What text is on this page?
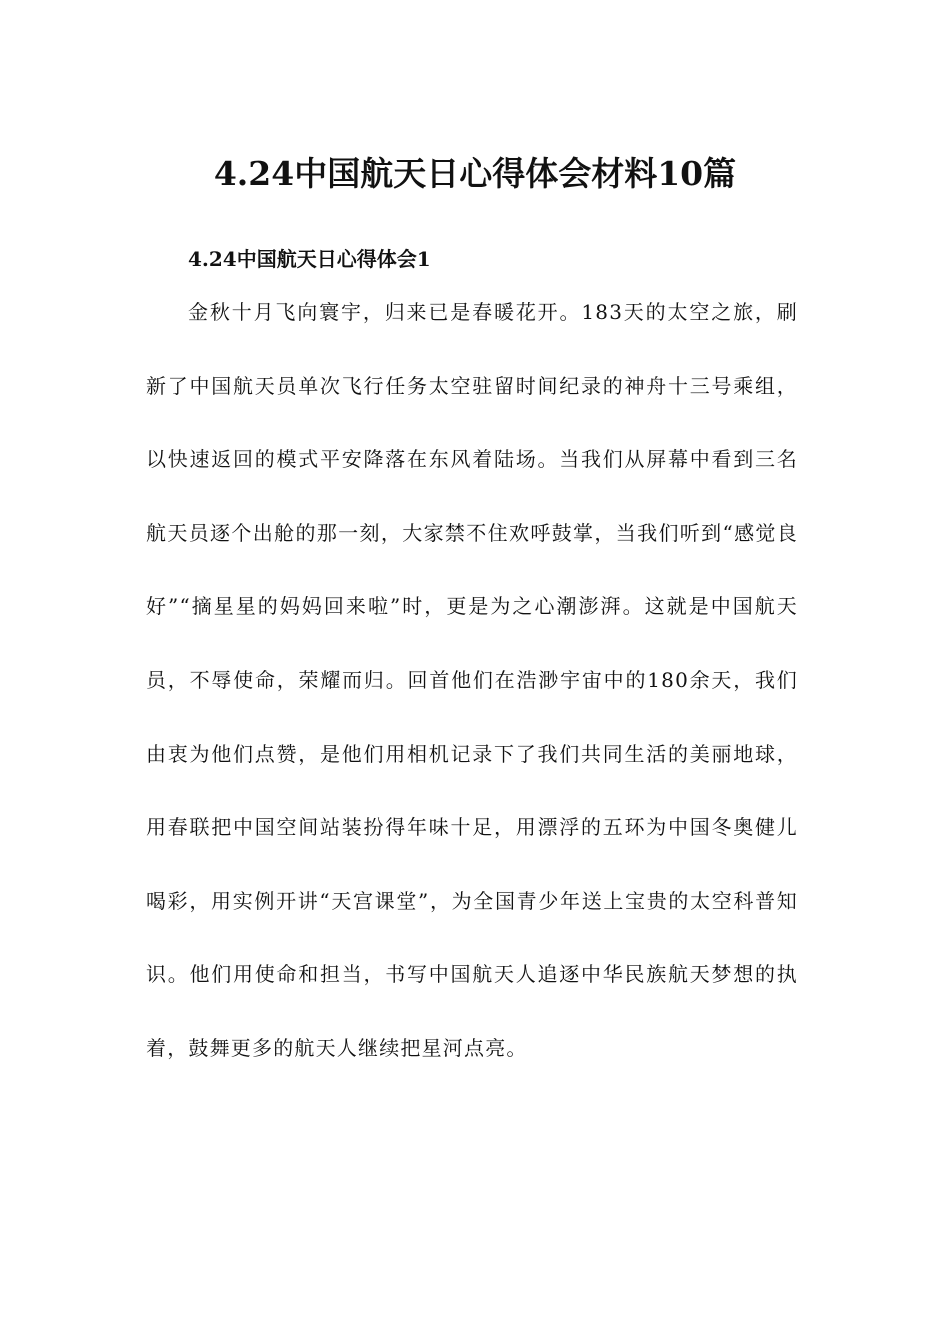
4.24中国航天日心得体会材料10篇
4.24中国航天日心得体会1

金秋十月飞向寰宇，归来已是春暖花开。183天的太空之旅，刷新了中国航天员单次飞行任务太空驻留时间纪录的神舟十三号乘组，以快速返回的模式平安降落在东风着陆场。当我们从屏幕中看到三名航天员逐个出舱的那一刻，大家禁不住欢呼鼓掌，当我们听到“感觉良好”“摘星星的妈妈回来啦”时，更是为之心潮澎湃。这就是中国航天员，不辱使命，荣耀而归。回首他们在浩渺宇宙中的180余天，我们由衷为他们点赞，是他们用相机记录下了我们共同生活的美丽地球，用春联把中国空间站装扮得年味十足，用漂浮的五环为中国冬奥健儿喝彩，用实例开讲“天宫课堂”，为全国青少年送上宝贵的太空科普知识。他们用使命和担当，书写中国航天人追逐中华民族航天梦想的执着，鼓舞更多的航天人继续把星河点亮。
